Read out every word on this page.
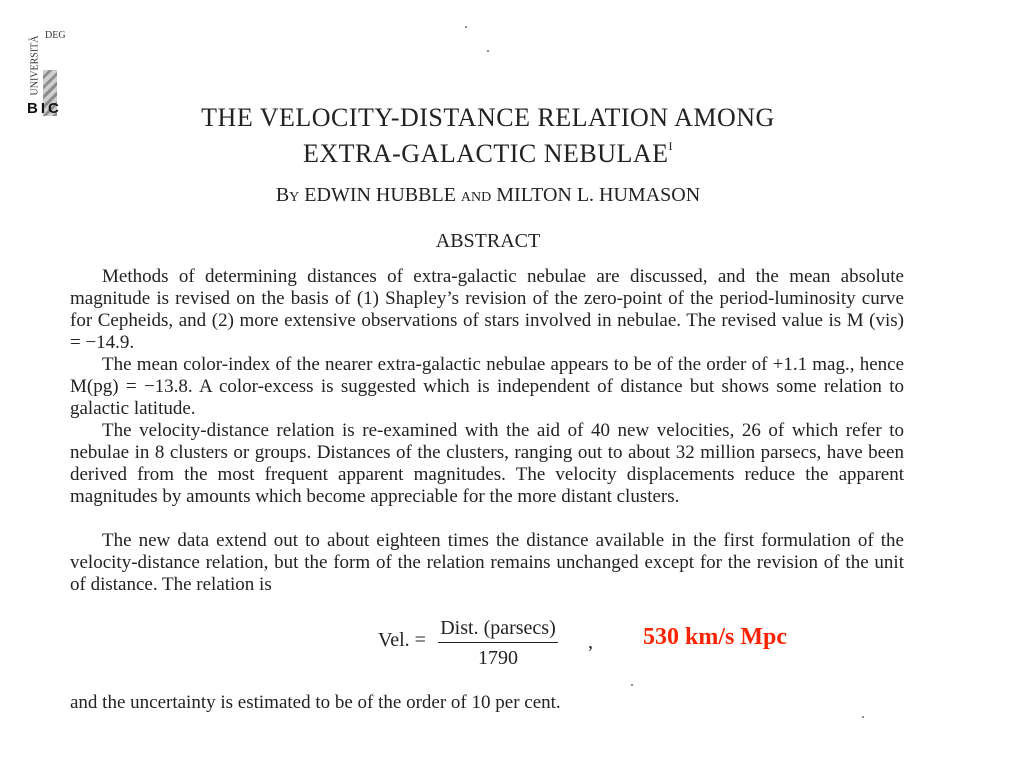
UNIVERSITÀ DEG
BIC	THE VELOCITY-DISTANCE RELATION AMONG
EXTRA-GALACTIC $NEBULAE^I$
By EDWIN HUBBLE and MILTON L. HUMASON
ABSTRACT
Methods of determining distances of extra-galactic nebulae are discussed, and the mean absolute magnitude is revised on the basis of (1) Shapley’s revision of the zero-point of the period-luminosity curve for Cepheids, and (2) more extensive observations of stars involved in nebulae. The revised value is M (vis) = −14.9.
The mean color-index of the nearer extra-galactic nebulae appears to be of the order of +1.1 mag., hence M(pg) = −13.8. A color-excess is suggested which is independent of distance but shows some relation to galactic latitude.
The velocity-distance relation is re-examined with the aid of 40 new velocities, 26 of which refer to nebulae in 8 clusters or groups. Distances of the clusters, ranging out to about 32 million parsecs, have been derived from the most frequent apparent magnitudes. The velocity displacements reduce the apparent magnitudes by amounts which become appreciable for the more distant clusters.
The new data extend out to about eighteen times the distance available in the first formulation of the velocity-distance relation, but the form of the relation remains unchanged except for the revision of the unit of distance. The relation is
Vel. =
Dist. (parsecs)
1790
, 530 km/s Mpc
and the uncertainty is estimated to be of the order of 10 per cent.
